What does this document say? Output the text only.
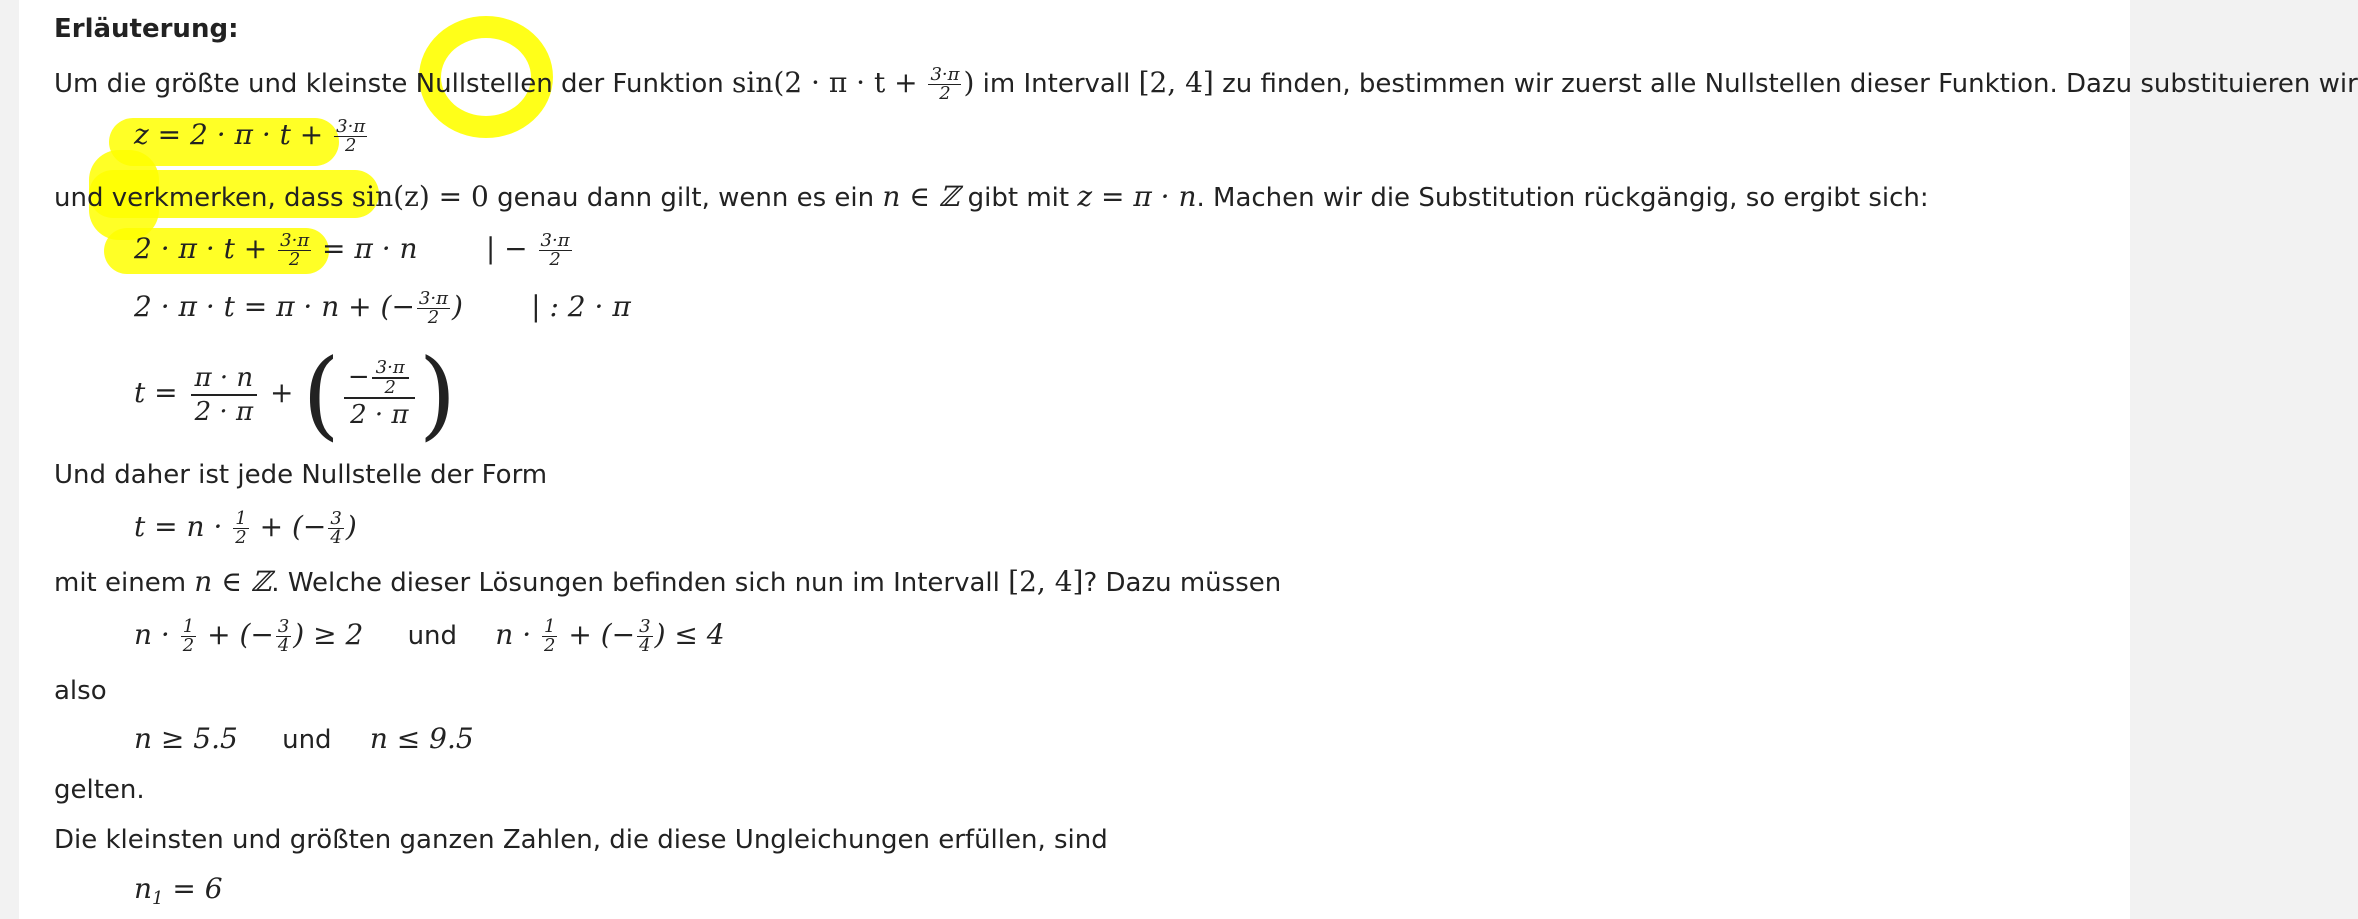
Erläuterung:
Um die größte und kleinste Nullstellen der Funktion $\sin(2 \cdot \pi \cdot t + \frac{3\cdot\pi}{2}$ ) im Intervall [2, 4] zu finden, bestimmen wir zuerst alle Nullstellen dieser Funktion. Dazu substituieren wir
$z = 2 \cdot \pi \cdot t + \frac{3\cdot\pi}{2}$
und verkmerken, dass sin(z) = 0 genau dann gilt, wenn es ein n ∈ ℤ gibt mit z = π · n. Machen wir die Substitution rückgängig, so ergibt sich:
$2 \cdot \pi \cdot t + \frac{3\cdot\pi}{2} = \pi \cdot n$ | − $\frac{3\cdot\pi}{2}$
2 · π · t = π · n + (− $\frac{3\cdot\pi}{2}$ ) | : 2 · π
$t = \frac{\pi \cdot n}{2 \cdot \pi}$ + ( $\frac{- \frac{3\cdot\pi}{2}}{2 \cdot \pi}$ )
Und daher ist jede Nullstelle der Form
$t = n \cdot \frac{1}{2}$ + (− $\frac{3}{4}$ )
mit einem n ∈ ℤ. Welche dieser Lösungen befinden sich nun im Intervall [2, 4]? Dazu müssen
$n \cdot \frac{1}{2}$ + (− $\frac{3}{4}$ ) ≥ 2 und $n \cdot \frac{1}{2}$ + (− $\frac{3}{4}$ ) ≤ 4
also
n ≥ 5.5 und n ≤ 9.5
gelten.
Die kleinsten und größten ganzen Zahlen, die diese Ungleichungen erfüllen, sind
$n_1 = 6$
